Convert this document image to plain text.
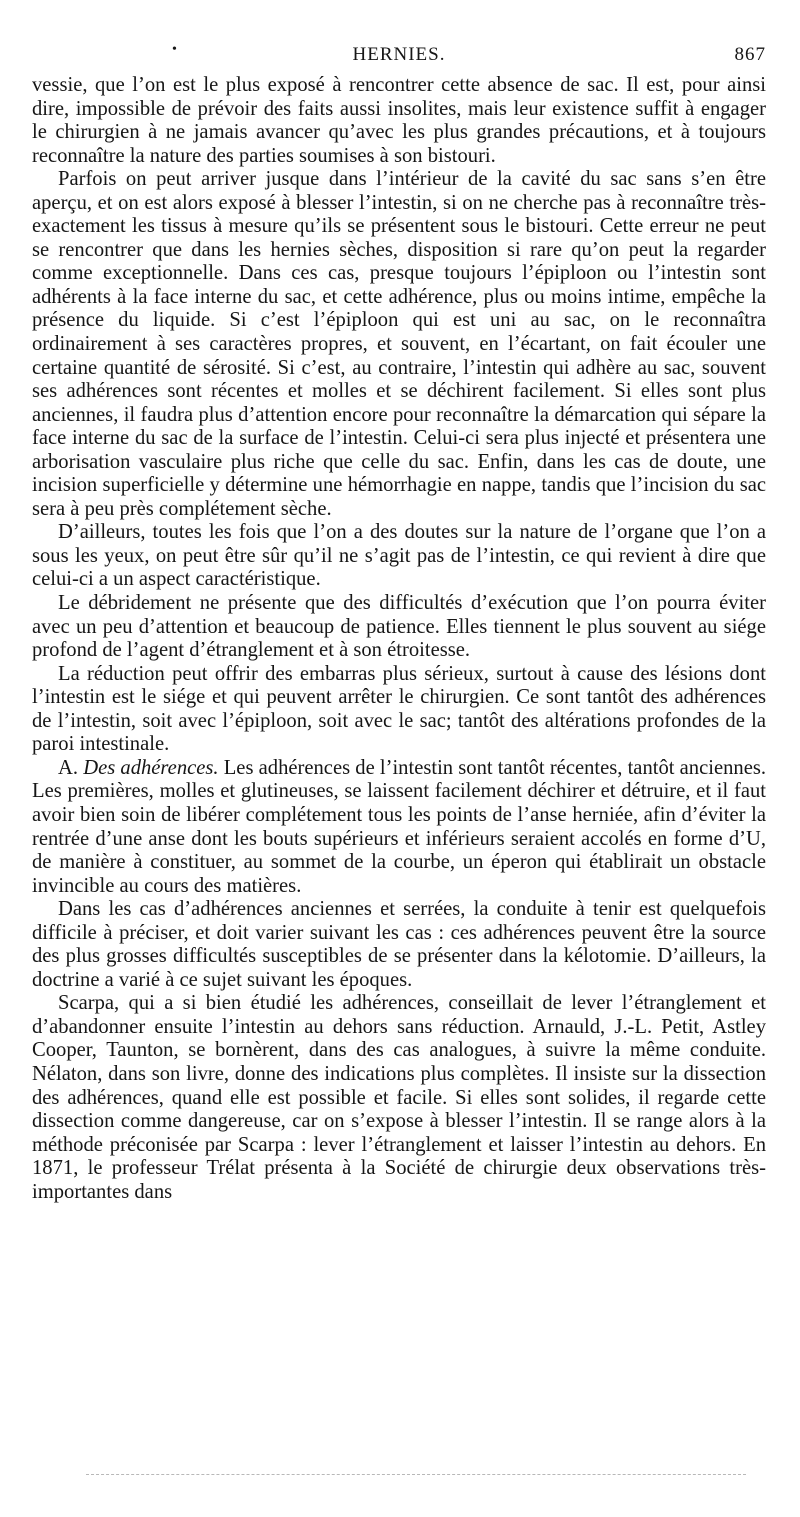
•	HERNIES.	867

vessie, que l’on est le plus exposé à rencontrer cette absence de sac. Il est, pour ainsi dire, impossible de prévoir des faits aussi insolites, mais leur existence suffit à engager le chirurgien à ne jamais avancer qu’avec les plus grandes précautions, et à toujours reconnaître la nature des parties soumises à son bistouri.

Parfois on peut arriver jusque dans l’intérieur de la cavité du sac sans s’en être aperçu, et on est alors exposé à blesser l’intestin, si on ne cherche pas à reconnaître très-exactement les tissus à mesure qu’ils se présentent sous le bistouri. Cette erreur ne peut se rencontrer que dans les hernies sèches, disposition si rare qu’on peut la regarder comme exceptionnelle. Dans ces cas, presque toujours l’épiploon ou l’intestin sont adhérents à la face interne du sac, et cette adhérence, plus ou moins intime, empêche la présence du liquide. Si c’est l’épiploon qui est uni au sac, on le reconnaîtra ordinairement à ses caractères propres, et souvent, en l’écartant, on fait écouler une certaine quantité de sérosité. Si c’est, au contraire, l’intestin qui adhère au sac, souvent ses adhérences sont récentes et molles et se déchirent facilement. Si elles sont plus anciennes, il faudra plus d’attention encore pour reconnaître la démarcation qui sépare la face interne du sac de la surface de l’intestin. Celui-ci sera plus injecté et présentera une arborisation vasculaire plus riche que celle du sac. Enfin, dans les cas de doute, une incision superficielle y détermine une hémorrhagie en nappe, tandis que l’incision du sac sera à peu près complétement sèche.

D’ailleurs, toutes les fois que l’on a des doutes sur la nature de l’organe que l’on a sous les yeux, on peut être sûr qu’il ne s’agit pas de l’intestin, ce qui revient à dire que celui-ci a un aspect caractéristique.

Le débridement ne présente que des difficultés d’exécution que l’on pourra éviter avec un peu d’attention et beaucoup de patience. Elles tiennent le plus souvent au siége profond de l’agent d’étranglement et à son étroitesse.

La réduction peut offrir des embarras plus sérieux, surtout à cause des lésions dont l’intestin est le siége et qui peuvent arrêter le chirurgien. Ce sont tantôt des adhérences de l’intestin, soit avec l’épiploon, soit avec le sac; tantôt des altérations profondes de la paroi intestinale.

A. Des adhérences. Les adhérences de l’intestin sont tantôt récentes, tantôt anciennes. Les premières, molles et glutineuses, se laissent facilement déchirer et détruire, et il faut avoir bien soin de libérer complétement tous les points de l’anse herniée, afin d’éviter la rentrée d’une anse dont les bouts supérieurs et inférieurs seraient accolés en forme d’U, de manière à constituer, au sommet de la courbe, un éperon qui établirait un obstacle invincible au cours des matières.

Dans les cas d’adhérences anciennes et serrées, la conduite à tenir est quelquefois difficile à préciser, et doit varier suivant les cas : ces adhérences peuvent être la source des plus grosses difficultés susceptibles de se présenter dans la kélotomie. D’ailleurs, la doctrine a varié à ce sujet suivant les époques.

Scarpa, qui a si bien étudié les adhérences, conseillait de lever l’étranglement et d’abandonner ensuite l’intestin au dehors sans réduction. Arnauld, J.-L. Petit, Astley Cooper, Taunton, se bornèrent, dans des cas analogues, à suivre la même conduite. Nélaton, dans son livre, donne des indications plus complètes. Il insiste sur la dissection des adhérences, quand elle est possible et facile. Si elles sont solides, il regarde cette dissection comme dangereuse, car on s’expose à blesser l’intestin. Il se range alors à la méthode préconisée par Scarpa : lever l’étranglement et laisser l’intestin au dehors. En 1871, le professeur Trélat présenta à la Société de chirurgie deux observations très-importantes dans
